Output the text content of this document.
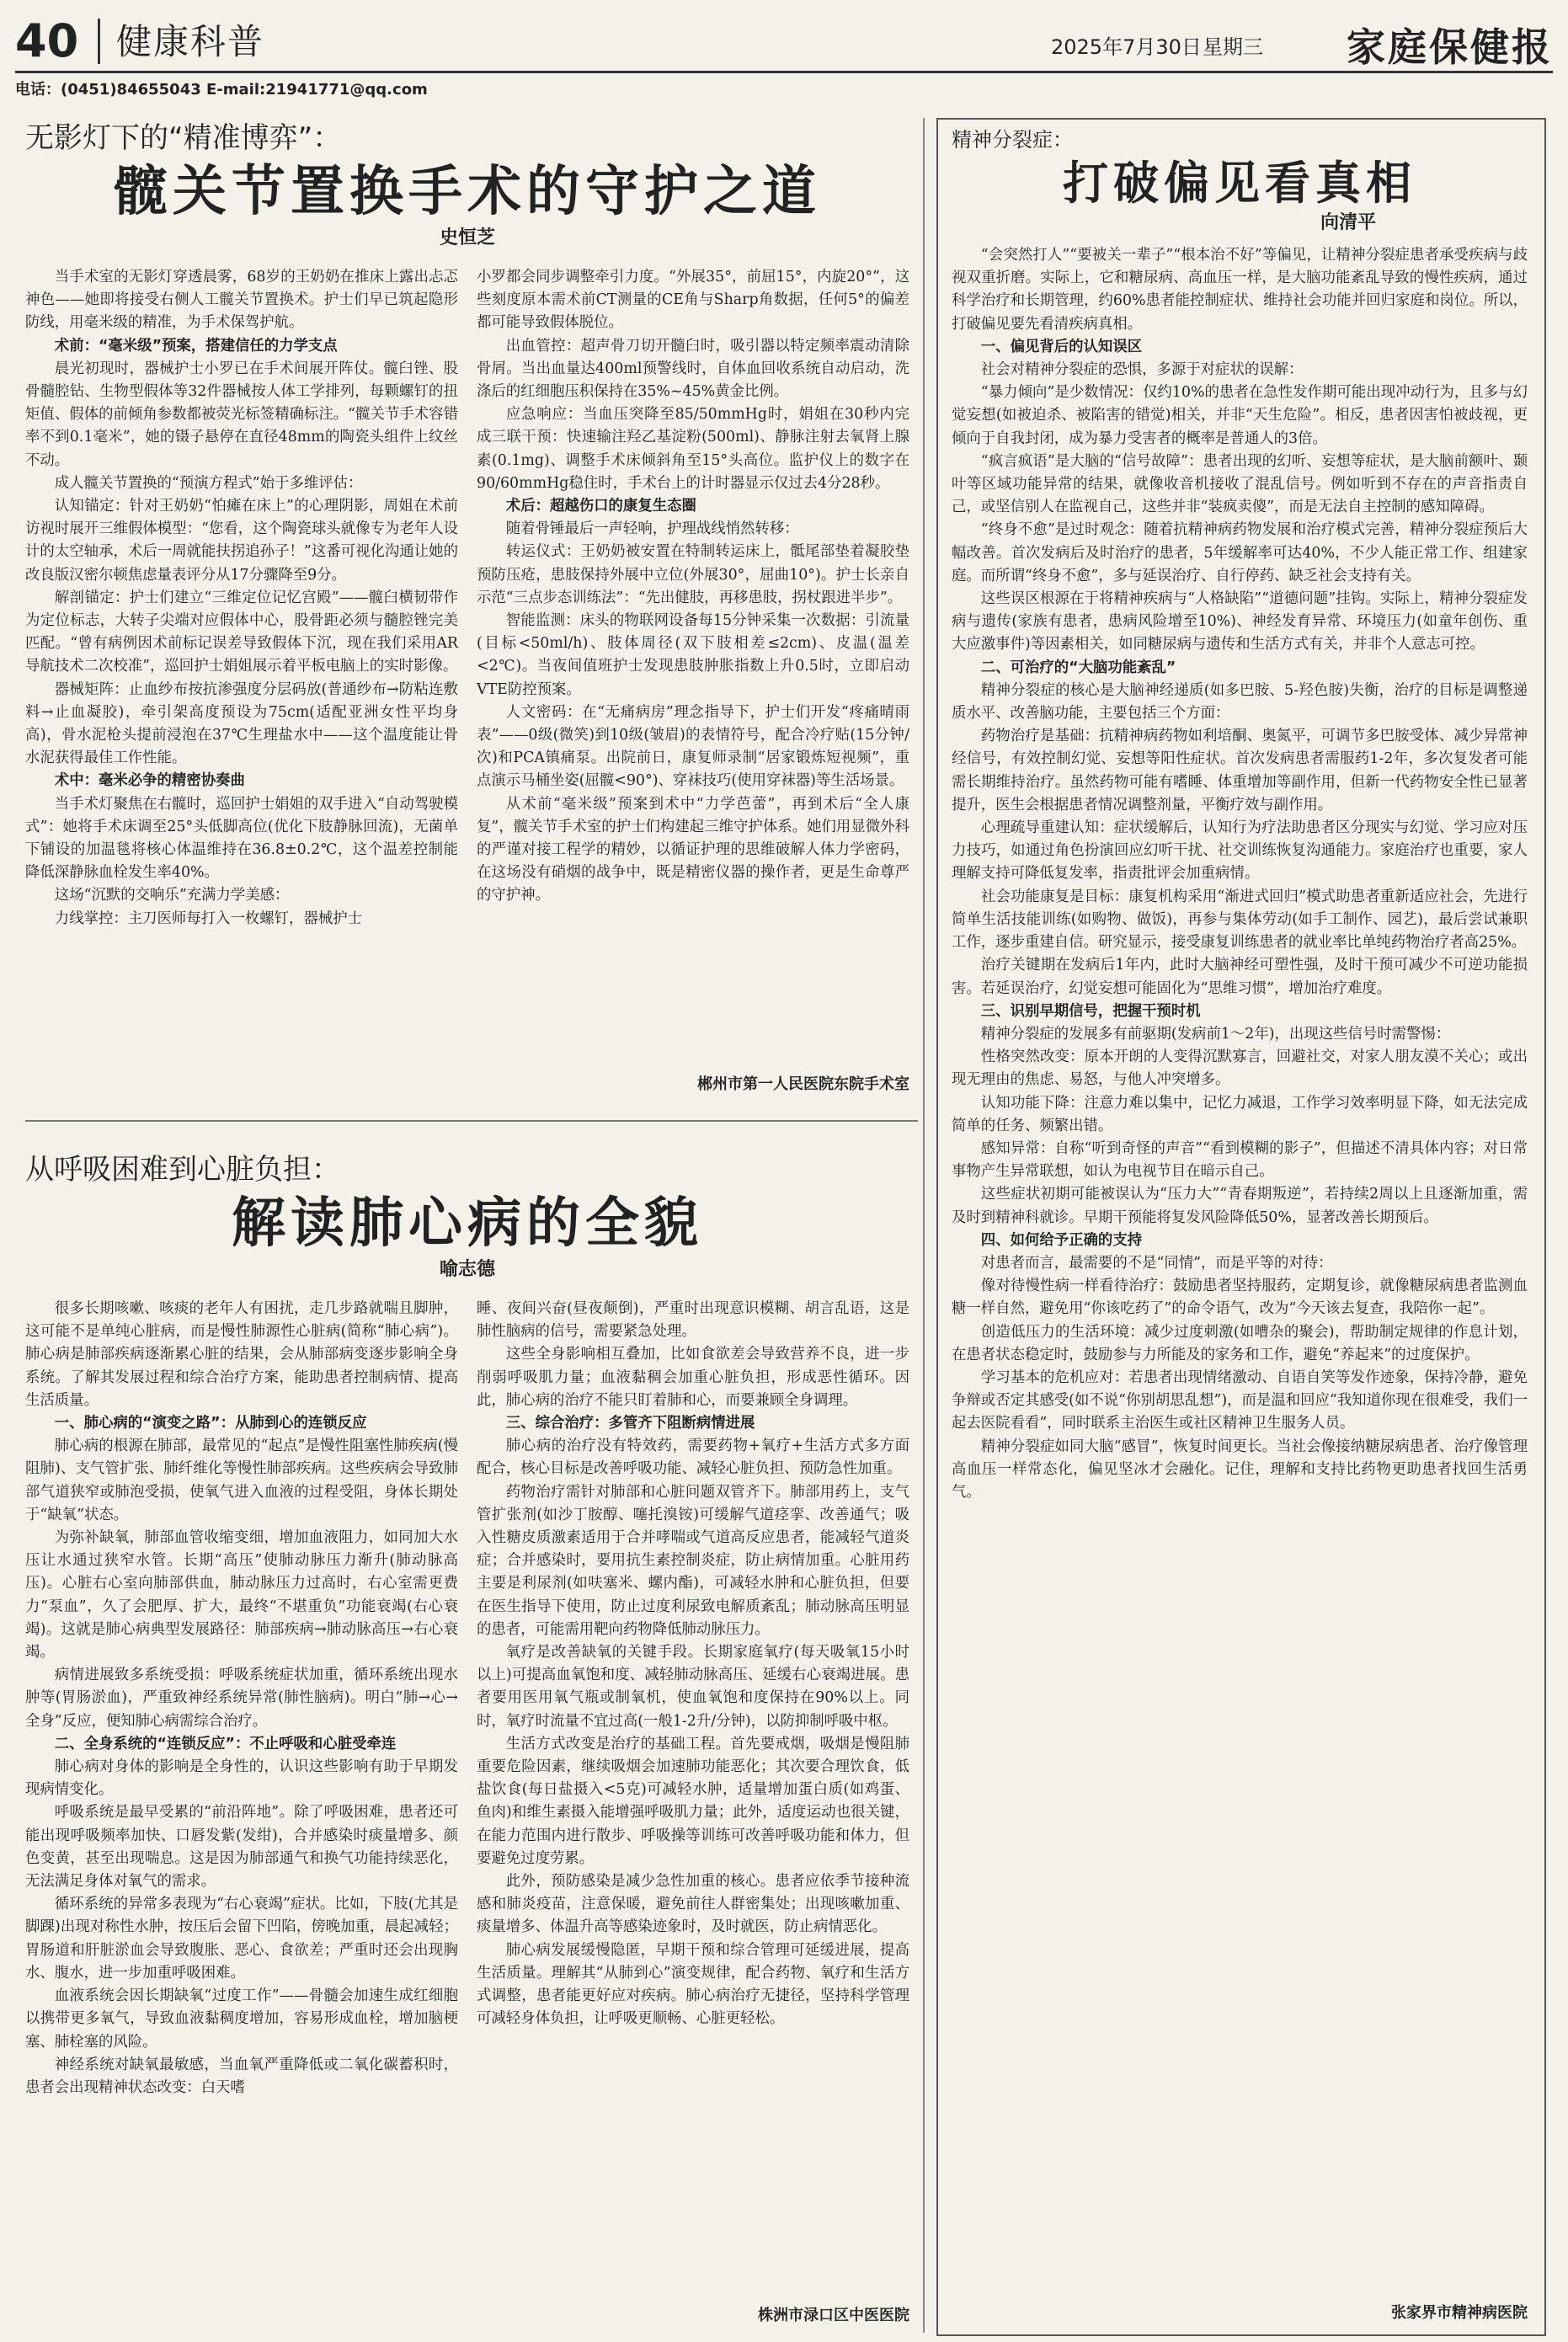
40 健康科普	2025年7月30日 星期三 家庭保健报
电话：(0451)84655043 E-mail:21941771@qq.com
无影灯下的“精准博弈”：
髋关节置换手术的守护之道
史恒芝

当手术室的无影灯穿透晨雾，68岁的王奶奶在推床上露出忐忑神色——她即将接受右侧人工髋关节置换术。护士们早已筑起隐形防线，用毫米级的精准，为手术保驾护航。

术前：“毫米级”预案，搭建信任的力学支点

晨光初现时，器械护士小罗已在手术间展开阵仗。髋臼锉、股骨髓腔钻、生物型假体等32件器械按人体工学排列，每颗螺钉的扭矩值、假体的前倾角参数都被荧光标签精确标注。“髋关节手术容错率不到0.1毫米”，她的镊子悬停在直径48mm的陶瓷头组件上纹丝不动。

成人髋关节置换的“预演方程式”始于多维评估：

认知锚定：针对王奶奶“怕瘫在床上”的心理阴影，周姐在术前访视时展开三维假体模型：“您看，这个陶瓷球头就像专为老年人设计的太空轴承，术后一周就能扶拐追孙子！”这番可视化沟通让她的改良版汉密尔顿焦虑量表评分从17分骤降至9分。

解剖锚定：护士们建立“三维定位记忆宫殿”——髋臼横韧带作为定位标志，大转子尖端对应假体中心，股骨距必须与髓腔锉完美匹配。“曾有病例因术前标记误差导致假体下沉，现在我们采用AR导航技术二次校准”，巡回护士娟姐展示着平板电脑上的实时影像。

器械矩阵：止血纱布按抗渗强度分层码放(普通纱布→防粘连敷料→止血凝胶)，牵引架高度预设为75cm(适配亚洲女性平均身高)，骨水泥枪头提前浸泡在37℃生理盐水中——这个温度能让骨水泥获得最佳工作性能。

术中：毫米必争的精密协奏曲

当手术灯聚焦在右髋时，巡回护士娟姐的双手进入“自动驾驶模式”：她将手术床调至25°头低脚高位(优化下肢静脉回流)，无菌单下铺设的加温毯将核心体温维持在36.8±0.2℃，这个温差控制能降低深静脉血栓发生率40%。

这场“沉默的交响乐”充满力学美感：

力线掌控：主刀医师每打入一枚螺钉，器械护士

小罗都会同步调整牵引力度。“外展35°，前屈15°，内旋20°”，这些刻度原本需术前CT测量的CE角与Sharp角数据，任何5°的偏差都可能导致假体脱位。

出血管控：超声骨刀切开髓臼时，吸引器以特定频率震动清除骨屑。当出血量达400ml预警线时，自体血回收系统自动启动，洗涤后的红细胞压积保持在35%~45%黄金比例。

应急响应：当血压突降至85/50mmHg时，娟姐在30秒内完成三联干预：快速输注羟乙基淀粉(500ml)、静脉注射去氧肾上腺素(0.1mg)、调整手术床倾斜角至15°头高位。监护仪上的数字在90/60mmHg稳住时，手术台上的计时器显示仅过去4分28秒。

术后：超越伤口的康复生态圈

随着骨锤最后一声轻响，护理战线悄然转移：

转运仪式：王奶奶被安置在特制转运床上，骶尾部垫着凝胶垫预防压疮，患肢保持外展中立位(外展30°，屈曲10°)。护士长亲自示范“三点步态训练法”：“先出健肢，再移患肢，拐杖跟进半步”。

智能监测：床头的物联网设备每15分钟采集一次数据：引流量(目标<50ml/h)、肢体周径(双下肢相差≤2cm)、皮温(温差<2℃)。当夜间值班护士发现患肢肿胀指数上升0.5时，立即启动VTE防控预案。

人文密码：在“无痛病房”理念指导下，护士们开发“疼痛晴雨表”——0级(微笑)到10级(皱眉)的表情符号，配合冷疗贴(15分钟/次)和PCA镇痛泵。出院前日，康复师录制“居家锻炼短视频”，重点演示马桶坐姿(屈髋<90°)、穿袜技巧(使用穿袜器)等生活场景。

从术前“毫米级”预案到术中“力学芭蕾”，再到术后“全人康复”，髋关节手术室的护士们构建起三维守护体系。她们用显微外科的严谨对接工程学的精妙，以循证护理的思维破解人体力学密码，在这场没有硝烟的战争中，既是精密仪器的操作者，更是生命尊严的守护神。

郴州市第一人民医院东院手术室
从呼吸困难到心脏负担：
解读肺心病的全貌
喻志德

很多长期咳嗽、咳痰的老年人有困扰，走几步路就喘且脚肿，这可能不是单纯心脏病，而是慢性肺源性心脏病(简称“肺心病”)。肺心病是肺部疾病逐渐累心脏的结果，会从肺部病变逐步影响全身系统。了解其发展过程和综合治疗方案，能助患者控制病情、提高生活质量。

一、肺心病的“演变之路”：从肺到心的连锁反应

肺心病的根源在肺部，最常见的“起点”是慢性阻塞性肺疾病(慢阻肺)、支气管扩张、肺纤维化等慢性肺部疾病。这些疾病会导致肺部气道狭窄或肺泡受损，使氧气进入血液的过程受阻，身体长期处于“缺氧”状态。

为弥补缺氧，肺部血管收缩变细，增加血液阻力，如同加大水压让水通过狭窄水管。长期“高压”使肺动脉压力渐升(肺动脉高压)。心脏右心室向肺部供血，肺动脉压力过高时，右心室需更费力“泵血”，久了会肥厚、扩大，最终“不堪重负”功能衰竭(右心衰竭)。这就是肺心病典型发展路径：肺部疾病→肺动脉高压→右心衰竭。

病情进展致多系统受损：呼吸系统症状加重，循环系统出现水肿等(胃肠淤血)，严重致神经系统异常(肺性脑病)。明白“肺→心→全身”反应，便知肺心病需综合治疗。

二、全身系统的“连锁反应”：不止呼吸和心脏受牵连

肺心病对身体的影响是全身性的，认识这些影响有助于早期发现病情变化。

呼吸系统是最早受累的“前沿阵地”。除了呼吸困难，患者还可能出现呼吸频率加快、口唇发紫(发绀)，合并感染时痰量增多、颜色变黄，甚至出现喘息。这是因为肺部通气和换气功能持续恶化，无法满足身体对氧气的需求。

循环系统的异常多表现为“右心衰竭”症状。比如，下肢(尤其是脚踝)出现对称性水肿，按压后会留下凹陷，傍晚加重，晨起减轻；胃肠道和肝脏淤血会导致腹胀、恶心、食欲差；严重时还会出现胸水、腹水，进一步加重呼吸困难。

血液系统会因长期缺氧“过度工作”——骨髓会加速生成红细胞以携带更多氧气，导致血液黏稠度增加，容易形成血栓，增加脑梗塞、肺栓塞的风险。

神经系统对缺氧最敏感，当血氧严重降低或二氧化碳蓄积时，患者会出现精神状态改变：白天嗜

睡、夜间兴奋(昼夜颠倒)，严重时出现意识模糊、胡言乱语，这是肺性脑病的信号，需要紧急处理。

这些全身影响相互叠加，比如食欲差会导致营养不良，进一步削弱呼吸肌力量；血液黏稠会加重心脏负担，形成恶性循环。因此，肺心病的治疗不能只盯着肺和心，而要兼顾全身调理。

三、综合治疗：多管齐下阻断病情进展

肺心病的治疗没有特效药，需要药物+氧疗+生活方式多方面配合，核心目标是改善呼吸功能、减轻心脏负担、预防急性加重。

药物治疗需针对肺部和心脏问题双管齐下。肺部用药上，支气管扩张剂(如沙丁胺醇、噻托溴铵)可缓解气道痉挛、改善通气；吸入性糖皮质激素适用于合并哮喘或气道高反应患者，能减轻气道炎症；合并感染时，要用抗生素控制炎症，防止病情加重。心脏用药主要是利尿剂(如呋塞米、螺内酯)，可减轻水肿和心脏负担，但要在医生指导下使用，防止过度利尿致电解质紊乱；肺动脉高压明显的患者，可能需用靶向药物降低肺动脉压力。

氧疗是改善缺氧的关键手段。长期家庭氧疗(每天吸氧15小时以上)可提高血氧饱和度、减轻肺动脉高压、延缓右心衰竭进展。患者要用医用氧气瓶或制氧机，使血氧饱和度保持在90%以上。同时，氧疗时流量不宜过高(一般1-2升/分钟)，以防抑制呼吸中枢。

生活方式改变是治疗的基础工程。首先要戒烟，吸烟是慢阻肺重要危险因素，继续吸烟会加速肺功能恶化；其次要合理饮食，低盐饮食(每日盐摄入<5克)可减轻水肿，适量增加蛋白质(如鸡蛋、鱼肉)和维生素摄入能增强呼吸肌力量；此外，适度运动也很关键，在能力范围内进行散步、呼吸操等训练可改善呼吸功能和体力，但要避免过度劳累。

此外，预防感染是减少急性加重的核心。患者应依季节接种流感和肺炎疫苗，注意保暖，避免前往人群密集处；出现咳嗽加重、痰量增多、体温升高等感染迹象时，及时就医，防止病情恶化。

肺心病发展缓慢隐匿，早期干预和综合管理可延缓进展，提高生活质量。理解其“从肺到心”演变规律，配合药物、氧疗和生活方式调整，患者能更好应对疾病。肺心病治疗无捷径，坚持科学管理可减轻身体负担，让呼吸更顺畅、心脏更轻松。

株洲市渌口区中医医院
精神分裂症：
打破偏见看真相
向清平

“会突然打人”“要被关一辈子”“根本治不好”等偏见，让精神分裂症患者承受疾病与歧视双重折磨。实际上，它和糖尿病、高血压一样，是大脑功能紊乱导致的慢性疾病，通过科学治疗和长期管理，约60%患者能控制症状、维持社会功能并回归家庭和岗位。所以，打破偏见要先看清疾病真相。

一、偏见背后的认知误区

社会对精神分裂症的恐惧，多源于对症状的误解：

“暴力倾向”是少数情况：仅约10%的患者在急性发作期可能出现冲动行为，且多与幻觉妄想(如被迫杀、被陷害的错觉)相关，并非“天生危险”。相反，患者因害怕被歧视，更倾向于自我封闭，成为暴力受害者的概率是普通人的3倍。

“疯言疯语”是大脑的“信号故障”：患者出现的幻听、妄想等症状，是大脑前额叶、颞叶等区域功能异常的结果，就像收音机接收了混乱信号。例如听到不存在的声音指责自己，或坚信别人在监视自己，这些并非“装疯卖傻”，而是无法自主控制的感知障碍。

“终身不愈”是过时观念：随着抗精神病药物发展和治疗模式完善，精神分裂症预后大幅改善。首次发病后及时治疗的患者，5年缓解率可达40%，不少人能正常工作、组建家庭。而所谓“终身不愈”，多与延误治疗、自行停药、缺乏社会支持有关。

这些误区根源在于将精神疾病与“人格缺陷”“道德问题”挂钩。实际上，精神分裂症发病与遗传(家族有患者，患病风险增至10%)、神经发育异常、环境压力(如童年创伤、重大应激事件)等因素相关，如同糖尿病与遗传和生活方式有关，并非个人意志可控。

二、可治疗的“大脑功能紊乱”

精神分裂症的核心是大脑神经递质(如多巴胺、5-羟色胺)失衡，治疗的目标是调整递质水平、改善脑功能，主要包括三个方面：

药物治疗是基础：抗精神病药物如利培酮、奥氮平，可调节多巴胺受体、减少异常神经信号，有效控制幻觉、妄想等阳性症状。首次发病患者需服药1-2年，多次复发者可能需长期维持治疗。虽然药物可能有嗜睡、体重增加等副作用，但新一代药物安全性已显著提升，医生会根据患者情况调整剂量，平衡疗效与副作用。

心理疏导重建认知：症状缓解后，认知行为疗法助患者区分现实与幻觉、学习应对压力技巧，如通过角色扮演回应幻听干扰、社交训练恢复沟通能力。家庭治疗也重要，家人理解支持可降低复发率，指责批评会加重病情。

社会功能康复是目标：康复机构采用“渐进式回归”模式助患者重新适应社会，先进行简单生活技能训练(如购物、做饭)，再参与集体劳动(如手工制作、园艺)，最后尝试兼职工作，逐步重建自信。研究显示，接受康复训练患者的就业率比单纯药物治疗者高25%。

治疗关键期在发病后1年内，此时大脑神经可塑性强，及时干预可减少不可逆功能损害。若延误治疗，幻觉妄想可能固化为“思维习惯”，增加治疗难度。

三、识别早期信号，把握干预时机

精神分裂症的发展多有前驱期(发病前1～2年)，出现这些信号时需警惕：

性格突然改变：原本开朗的人变得沉默寡言，回避社交，对家人朋友漠不关心；或出现无理由的焦虑、易怒，与他人冲突增多。

认知功能下降：注意力难以集中，记忆力减退，工作学习效率明显下降，如无法完成简单的任务、频繁出错。

感知异常：自称“听到奇怪的声音”“看到模糊的影子”，但描述不清具体内容；对日常事物产生异常联想，如认为电视节目在暗示自己。

这些症状初期可能被误认为“压力大”“青春期叛逆”，若持续2周以上且逐渐加重，需及时到精神科就诊。早期干预能将复发风险降低50%，显著改善长期预后。

四、如何给予正确的支持

对患者而言，最需要的不是“同情”，而是平等的对待：

像对待慢性病一样看待治疗：鼓励患者坚持服药，定期复诊，就像糖尿病患者监测血糖一样自然，避免用“你该吃药了”的命令语气，改为“今天该去复查，我陪你一起”。

创造低压力的生活环境：减少过度刺激(如嘈杂的聚会)，帮助制定规律的作息计划，在患者状态稳定时，鼓励参与力所能及的家务和工作，避免“养起来”的过度保护。

学习基本的危机应对：若患者出现情绪激动、自语自笑等发作迹象，保持冷静，避免争辩或否定其感受(如不说“你别胡思乱想”)，而是温和回应“我知道你现在很难受，我们一起去医院看看”，同时联系主治医生或社区精神卫生服务人员。

精神分裂症如同大脑“感冒”，恢复时间更长。当社会像接纳糖尿病患者、治疗像管理高血压一样常态化，偏见坚冰才会融化。记住，理解和支持比药物更助患者找回生活勇气。

张家界市精神病医院
